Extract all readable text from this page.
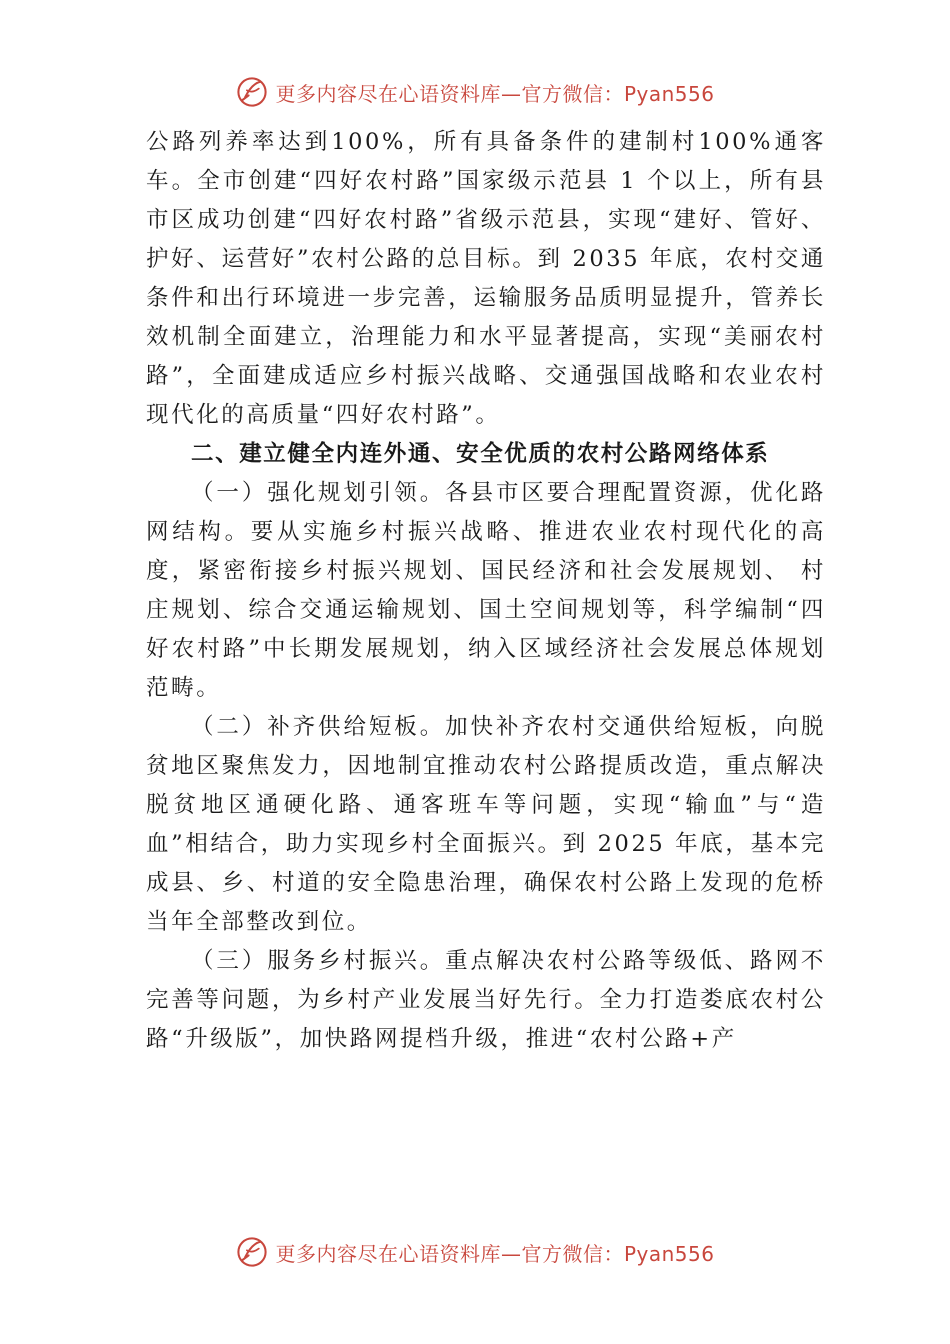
更多内容尽在心语资料库—官方微信：Pyan556

公路列养率达到100%，所有具备条件的建制村100%通客车。全市创建“四好农村路”国家级示范县 1 个以上，所有县市区成功创建“四好农村路”省级示范县，实现“建好、管好、护好、运营好”农村公路的总目标。到 2035 年底，农村交通条件和出行环境进一步完善，运输服务品质明显提升，管养长效机制全面建立，治理能力和水平显著提高，实现“美丽农村路”，全面建成适应乡村振兴战略、交通强国战略和农业农村现代化的高质量“四好农村路”。

二、建立健全内连外通、安全优质的农村公路网络体系

（一）强化规划引领。各县市区要合理配置资源，优化路网结构。要从实施乡村振兴战略、推进农业农村现代化的高度，紧密衔接乡村振兴规划、国民经济和社会发展规划、 村庄规划、综合交通运输规划、国土空间规划等，科学编制“四好农村路”中长期发展规划，纳入区域经济社会发展总体规划范畴。

（二）补齐供给短板。加快补齐农村交通供给短板，向脱贫地区聚焦发力，因地制宜推动农村公路提质改造，重点解决脱贫地区通硬化路、通客班车等问题，实现“输血”与“造血”相结合，助力实现乡村全面振兴。到 2025 年底，基本完成县、乡、村道的安全隐患治理，确保农村公路上发现的危桥当年全部整改到位。

（三）服务乡村振兴。重点解决农村公路等级低、路网不完善等问题，为乡村产业发展当好先行。全力打造娄底农村公路“升级版”，加快路网提档升级，推进“农村公路+产

更多内容尽在心语资料库—官方微信：Pyan556
